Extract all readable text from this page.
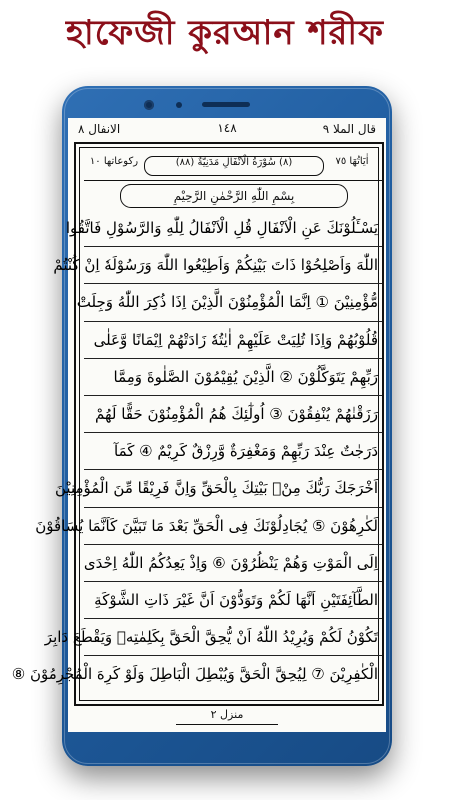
হাফেজী কুরআন শরীফ
الانفال ٨	١٤٨	قال الملا ٩
رکوعاتها ١٠	(٨) سُوْرَةُ الْاَنْفَالِ مَدَنِيَّةٌ (٨٨)	اٰيَاتُهَا ٧٥
بِسْمِ اللّٰهِ الرَّحْمٰنِ الرَّحِيْمِ
يَسْـَٔلُوْنَكَ عَنِ الْاَنْفَالِ قُلِ الْاَنْفَالُ لِلّٰهِ وَالرَّسُوْلِ فَاتَّقُوا
اللّٰهَ وَاَصْلِحُوْا ذَاتَ بَيْنِكُمْ وَاَطِيْعُوا اللّٰهَ وَرَسُوْلَهٗ اِنْ كُنْتُمْ
مُّؤْمِنِيْنَ ① اِنَّمَا الْمُؤْمِنُوْنَ الَّذِيْنَ اِذَا ذُكِرَ اللّٰهُ وَجِلَتْ
قُلُوْبُهُمْ وَاِذَا تُلِيَتْ عَلَيْهِمْ اٰيٰتُهٗ زَادَتْهُمْ اِيْمَانًا وَّعَلٰى
رَبِّهِمْ يَتَوَكَّلُوْنَ ② الَّذِيْنَ يُقِيْمُوْنَ الصَّلٰوةَ وَمِمَّا
رَزَقْنٰهُمْ يُنْفِقُوْنَ ③ اُولٰٓئِكَ هُمُ الْمُؤْمِنُوْنَ حَقًّا لَهُمْ
دَرَجٰتٌ عِنْدَ رَبِّهِمْ وَمَغْفِرَةٌ وَّرِزْقٌ كَرِيْمٌ ④ كَمَآ
اَخْرَجَكَ رَبُّكَ مِنْۢ بَيْتِكَ بِالْحَقِّ وَاِنَّ فَرِيْقًا مِّنَ الْمُؤْمِنِيْنَ
لَكٰرِهُوْنَ ⑤ يُجَادِلُوْنَكَ فِى الْحَقِّ بَعْدَ مَا تَبَيَّنَ كَاَنَّمَا يُسَاقُوْنَ
اِلَى الْمَوْتِ وَهُمْ يَنْظُرُوْنَ ⑥ وَاِذْ يَعِدُكُمُ اللّٰهُ اِحْدَى
الطَّآئِفَتَيْنِ اَنَّهَا لَكُمْ وَتَوَدُّوْنَ اَنَّ غَيْرَ ذَاتِ الشَّوْكَةِ
تَكُوْنُ لَكُمْ وَيُرِيْدُ اللّٰهُ اَنْ يُّحِقَّ الْحَقَّ بِكَلِمٰتِهٖ وَيَقْطَعَ دَابِرَ
الْكٰفِرِيْنَ ⑦ لِيُحِقَّ الْحَقَّ وَيُبْطِلَ الْبَاطِلَ وَلَوْ كَرِهَ الْمُجْرِمُوْنَ ⑧
منزل ٢
